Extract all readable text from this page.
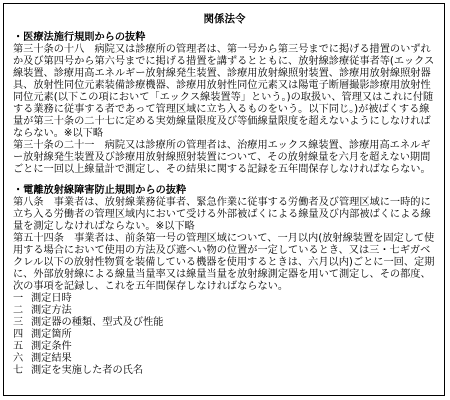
関係法令
・医療法施行規則からの抜粋

第三十条の十八　病院又は診療所の管理者は、第一号から第三号までに掲げる措置のいずれか及び第四号から第六号までに掲げる措置を講ずるとともに、放射線診療従事者等(エックス線装置、診療用高エネルギー放射線発生装置、診療用放射線照射装置、診療用放射線照射器具、放射性同位元素装備診療機器、診療用放射性同位元素又は陽電子断層撮影診療用放射性同位元素(以下この項において「エックス線装置等」という。)の取扱い、管理又はこれに付随する業務に従事する者であって管理区域に立ち入るものをいう。以下同じ。)が被ばくする線量が第三十条の二十七に定める実効線量限度及び等価線量限度を超えないようにしなければならない。※以下略

第三十条の二十一　病院又は診療所の管理者は、治療用エックス線装置、診療用高エネルギー放射線発生装置及び診療用放射線照射装置について、その放射線量を六月を超えない期間ごとに一回以上線量計で測定し、その結果に関する記録を五年間保存しなければならない。

・電離放射線障害防止規則からの抜粋

第八条　事業者は、放射線業務従事者、緊急作業に従事する労働者及び管理区域に一時的に立ち入る労働者の管理区域内において受ける外部被ばくによる線量及び内部被ばくによる線量を測定しなければならない。※以下略

第五十四条　事業者は、前条第一号の管理区域について、一月以内(放射線装置を固定して使用する場合において使用の方法及び遮へい物の位置が一定しているとき、又は三・七ギガベクレル以下の放射性物質を装備している機器を使用するときは、六月以内)ごとに一回、定期に、外部放射線による線量当量率又は線量当量を放射線測定器を用いて測定し、その都度、次の事項を記録し、これを五年間保存しなければならない。

一 測定日時
二 測定方法
三 測定器の種類、型式及び性能
四 測定箇所
五 測定条件
六 測定結果
七 測定を実施した者の氏名
